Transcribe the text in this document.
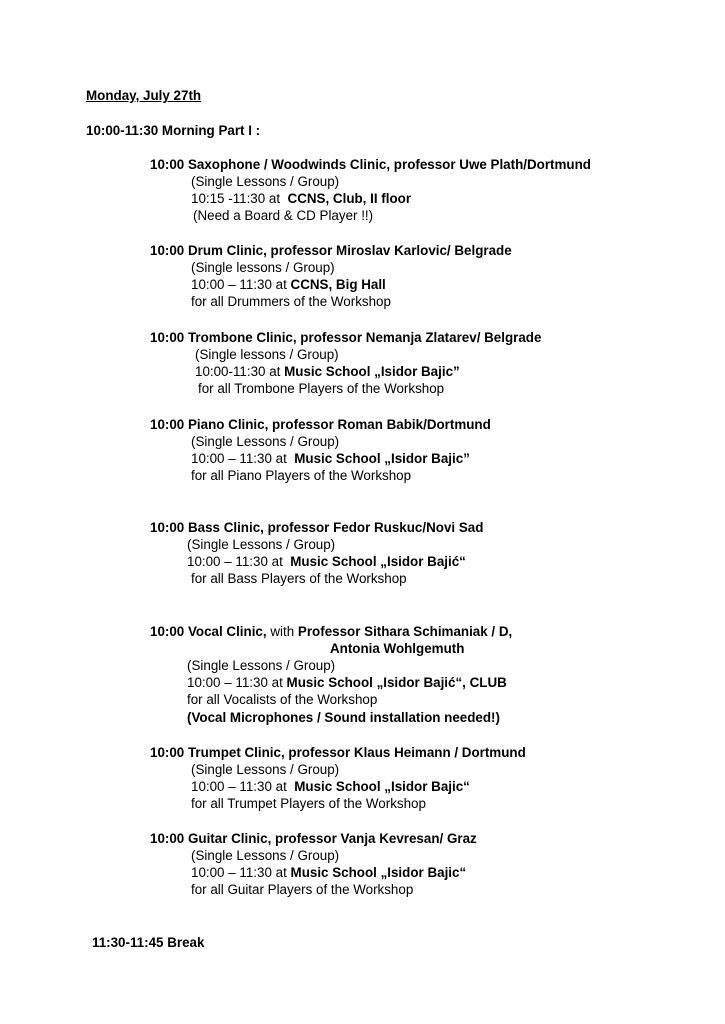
Monday, July 27th
10:00-11:30 Morning Part I :
10:00 Saxophone / Woodwinds Clinic, professor Uwe Plath/Dortmund
(Single Lessons / Group)
10:15 -11:30 at CCNS, Club, II floor
(Need a Board & CD Player !!)
10:00 Drum Clinic, professor Miroslav Karlovic/ Belgrade
(Single lessons / Group)
10:00 – 11:30 at CCNS, Big Hall
for all Drummers of the Workshop
10:00 Trombone Clinic, professor Nemanja Zlatarev/ Belgrade
(Single lessons / Group)
10:00-11:30 at Music School „Isidor Bajic”
for all Trombone Players of the Workshop
10:00 Piano Clinic, professor Roman Babik/Dortmund
(Single Lessons / Group)
10:00 – 11:30 at Music School „Isidor Bajic”
for all Piano Players of the Workshop
10:00 Bass Clinic, professor Fedor Ruskuc/Novi Sad
(Single Lessons / Group)
10:00 – 11:30 at Music School „Isidor Bajić“
for all Bass Players of the Workshop
10:00 Vocal Clinic, with Professor Sithara Schimaniak / D,
Antonia Wohlgemuth
(Single Lessons / Group)
10:00 – 11:30 at Music School „Isidor Bajić“, CLUB
for all Vocalists of the Workshop
(Vocal Microphones / Sound installation needed!)
10:00 Trumpet Clinic, professor Klaus Heimann / Dortmund
(Single Lessons / Group)
10:00 – 11:30 at Music School „Isidor Bajic“
for all Trumpet Players of the Workshop
10:00 Guitar Clinic, professor Vanja Kevresan/ Graz
(Single Lessons / Group)
10:00 – 11:30 at Music School „Isidor Bajic“
for all Guitar Players of the Workshop
11:30-11:45 Break
